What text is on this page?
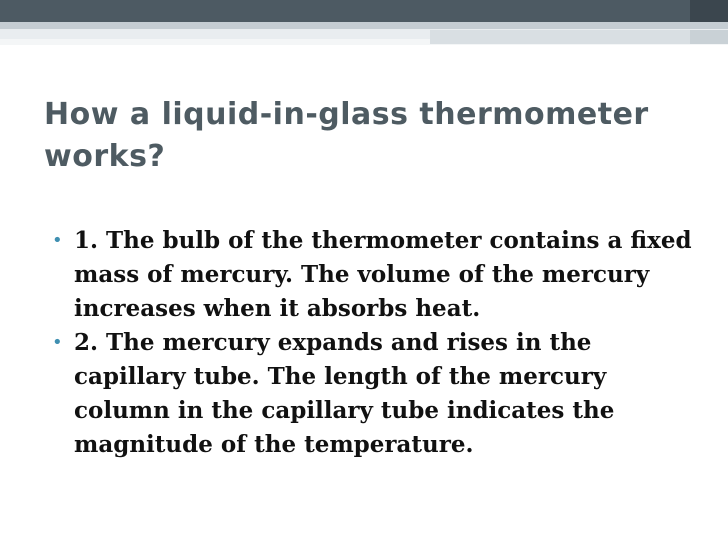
How a liquid-in-glass thermometer works?
• 1. The bulb of the thermometer contains a fixed mass of mercury. The volume of the mercury increases when it absorbs heat.
• 2. The mercury expands and rises in the capillary tube. The length of the mercury column in the capillary tube indicates the magnitude of the temperature.
